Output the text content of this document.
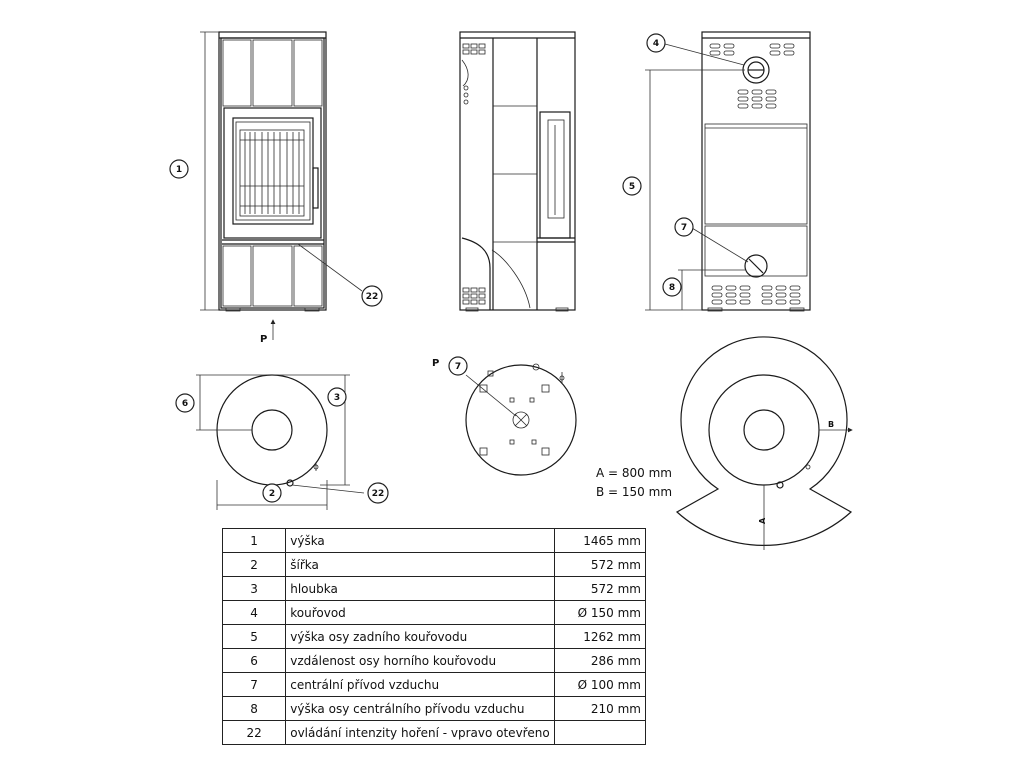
1
22
4
5
7
8
6
3
2	22
7
P
P
B
A
A = 800 mm
B = 150 mm
1	výška	1465 mm
2	šířka	572 mm
3	hloubka	572 mm
4	kouřovod	Ø 150 mm
5	výška osy zadního kouřovodu	1262 mm
6	vzdálenost osy horního kouřovodu	286 mm
7	centrální přívod vzduchu	Ø 100 mm
8	výška osy centrálního přívodu vzduchu	210 mm
22	ovládání intenzity hoření - vpravo otevřeno	
